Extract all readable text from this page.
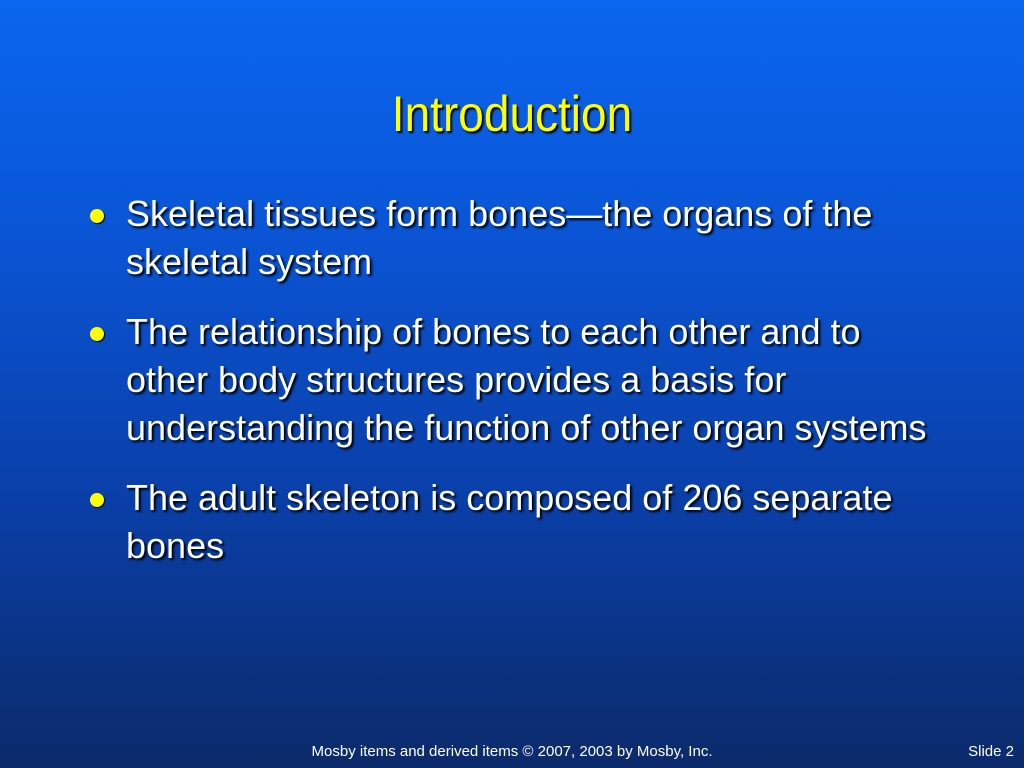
Introduction
Skeletal tissues form bones—the organs of the skeletal system
The relationship of bones to each other and to other body structures provides a basis for understanding the function of other organ systems
The adult skeleton is composed of 206 separate bones
Mosby items and derived items © 2007, 2003 by Mosby, Inc.	Slide 2
